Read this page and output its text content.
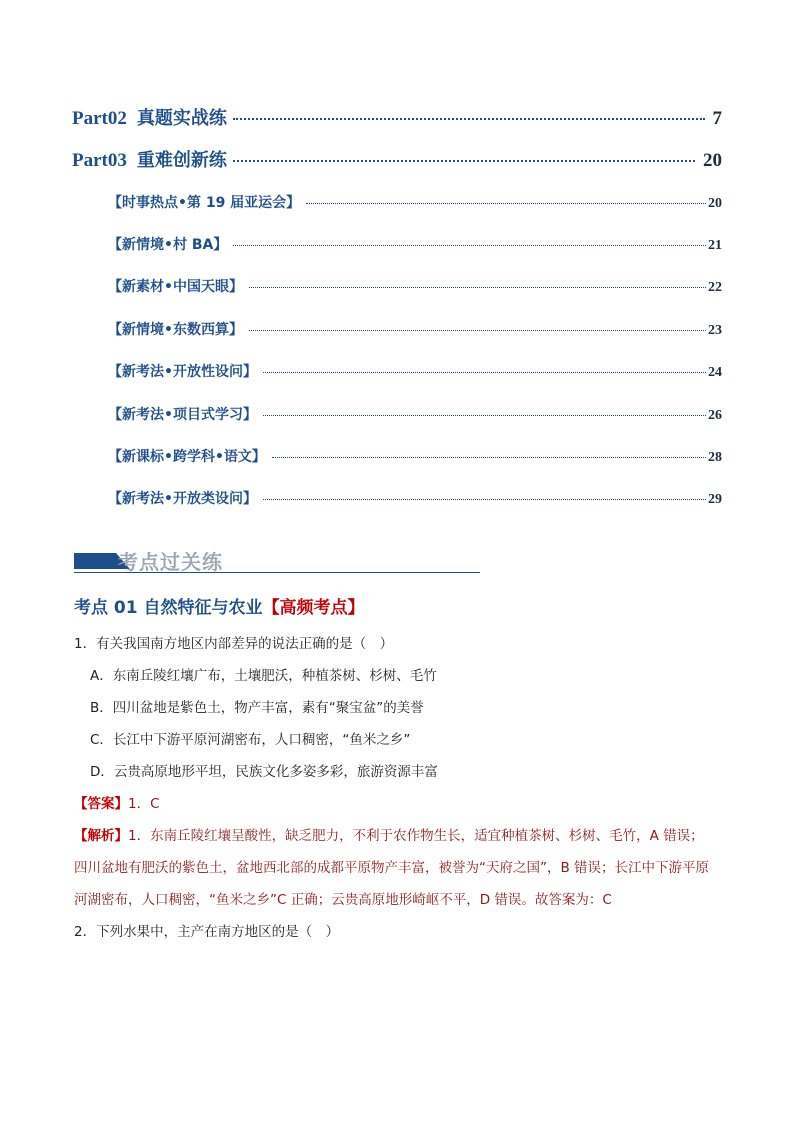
Part02 真题实战练	7
Part03 重难创新练	20
【时事热点•第 19 届亚运会】	20
【新情境•村 BA】	21
【新素材•中国天眼】	22
【新情境•东数西算】	23
【新考法•开放性设问】	24
【新考法•项目式学习】	26
【新课标•跨学科•语文】	28
【新考法•开放类设问】	29
考点过关练
考点 01 自然特征与农业【高频考点】
1．有关我国南方地区内部差异的说法正确的是（　）
A．东南丘陵红壤广布，土壤肥沃，种植茶树、杉树、毛竹
B．四川盆地是紫色土，物产丰富，素有“聚宝盆”的美誉
C．长江中下游平原河湖密布，人口稠密，“鱼米之乡”
D．云贵高原地形平坦，民族文化多姿多彩，旅游资源丰富
【答案】1．C
【解析】1．东南丘陵红壤呈酸性，缺乏肥力，不利于农作物生长，适宜种植茶树、杉树、毛竹，A 错误；
四川盆地有肥沃的紫色土，盆地西北部的成都平原物产丰富，被誉为“天府之国”，B 错误；长江中下游平原
河湖密布，人口稠密，“鱼米之乡”C 正确；云贵高原地形崎岖不平，D 错误。故答案为：C
2．下列水果中，主产在南方地区的是（　）
